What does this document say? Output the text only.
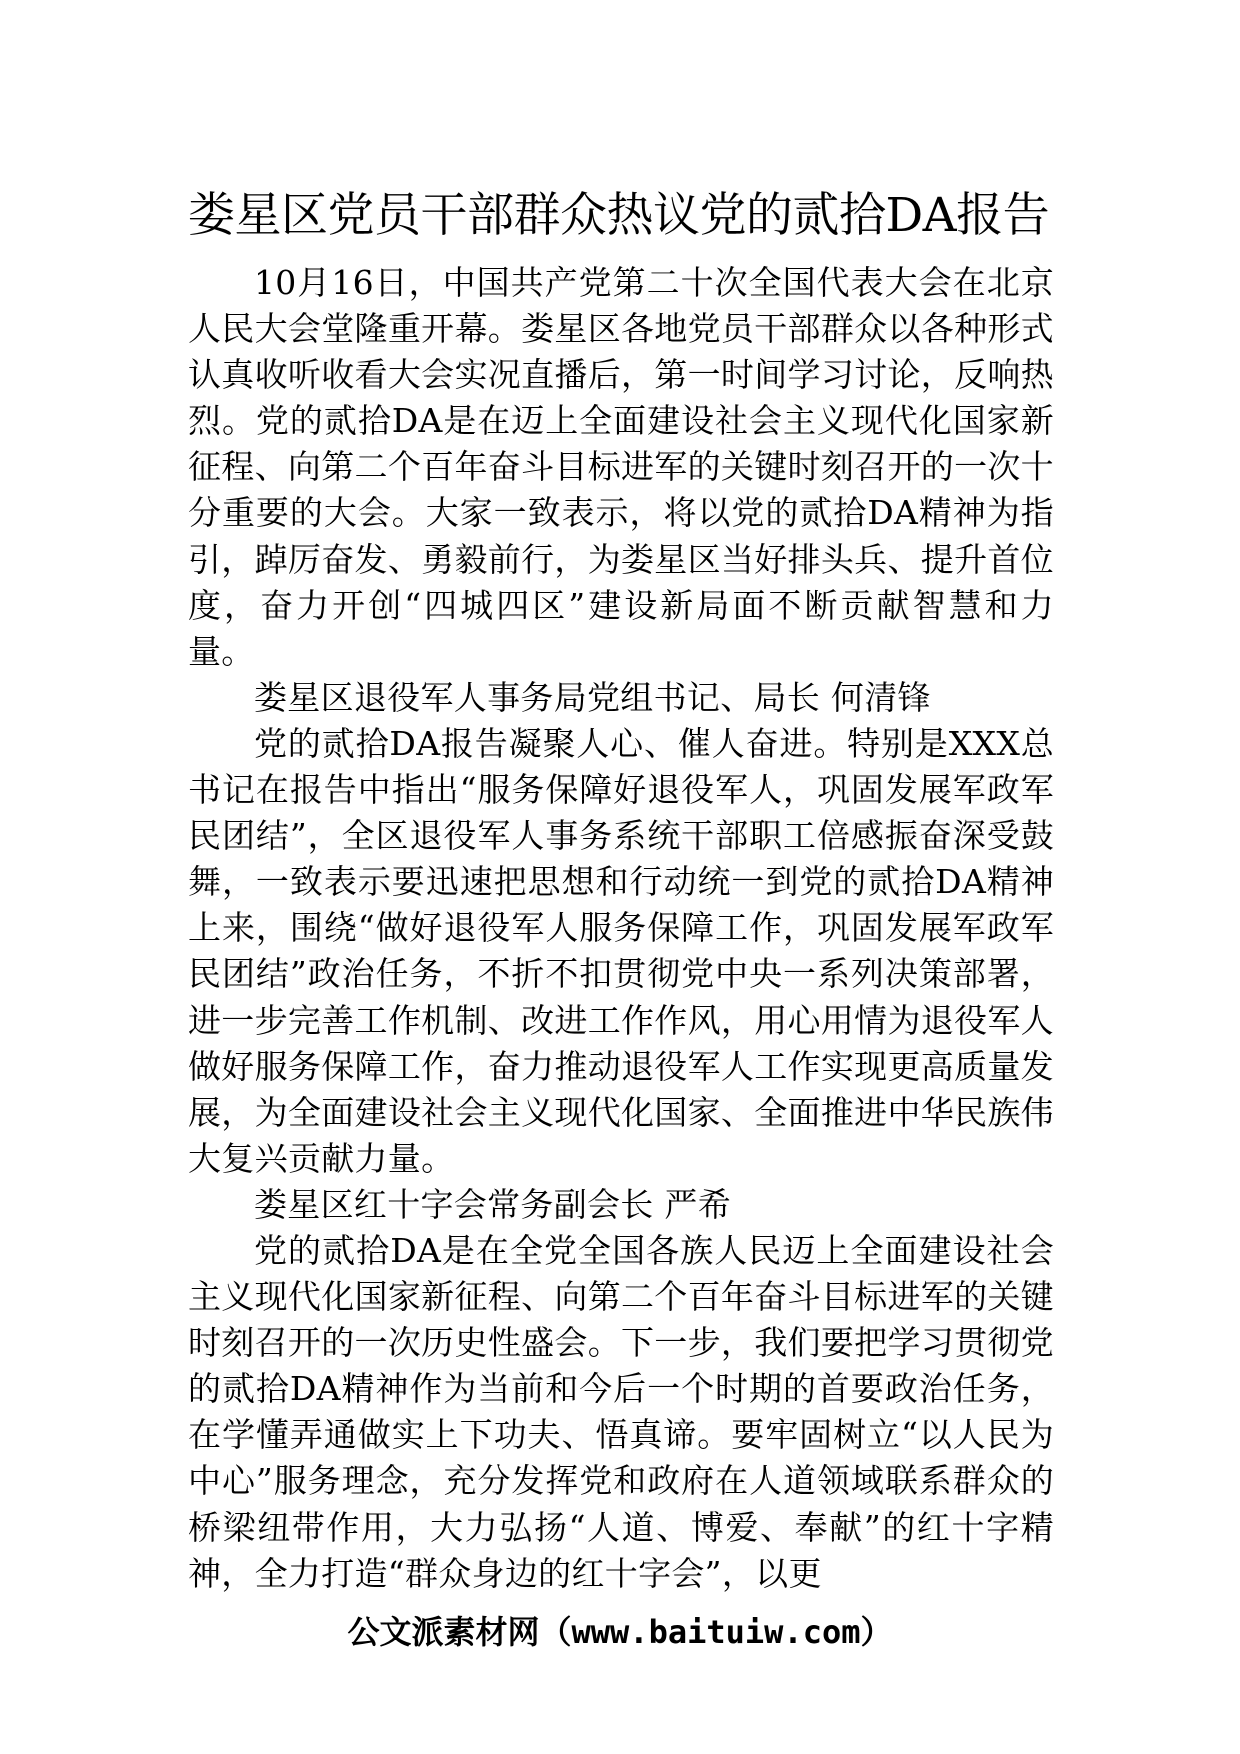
娄星区党员干部群众热议党的贰拾DA报告

10月16日，中国共产党第二十次全国代表大会在北京人民大会堂隆重开幕。娄星区各地党员干部群众以各种形式认真收听收看大会实况直播后，第一时间学习讨论，反响热烈。党的贰拾DA是在迈上全面建设社会主义现代化国家新征程、向第二个百年奋斗目标进军的关键时刻召开的一次十分重要的大会。大家一致表示，将以党的贰拾DA精神为指引，踔厉奋发、勇毅前行，为娄星区当好排头兵、提升首位度，奋力开创“四城四区”建设新局面不断贡献智慧和力量。

娄星区退役军人事务局党组书记、局长 何清锋

党的贰拾DA报告凝聚人心、催人奋进。特别是XXX总书记在报告中指出“服务保障好退役军人，巩固发展军政军民团结”，全区退役军人事务系统干部职工倍感振奋深受鼓舞，一致表示要迅速把思想和行动统一到党的贰拾DA精神上来，围绕“做好退役军人服务保障工作，巩固发展军政军民团结”政治任务，不折不扣贯彻党中央一系列决策部署，进一步完善工作机制、改进工作作风，用心用情为退役军人做好服务保障工作，奋力推动退役军人工作实现更高质量发展，为全面建设社会主义现代化国家、全面推进中华民族伟大复兴贡献力量。

娄星区红十字会常务副会长 严希

党的贰拾DA是在全党全国各族人民迈上全面建设社会主义现代化国家新征程、向第二个百年奋斗目标进军的关键时刻召开的一次历史性盛会。下一步，我们要把学习贯彻党的贰拾DA精神作为当前和今后一个时期的首要政治任务，在学懂弄通做实上下功夫、悟真谛。要牢固树立“以人民为中心”服务理念，充分发挥党和政府在人道领域联系群众的桥梁纽带作用，大力弘扬“人道、博爱、奉献”的红十字精神，全力打造“群众身边的红十字会”，以更

公文派素材网（www.baituiw.com）
